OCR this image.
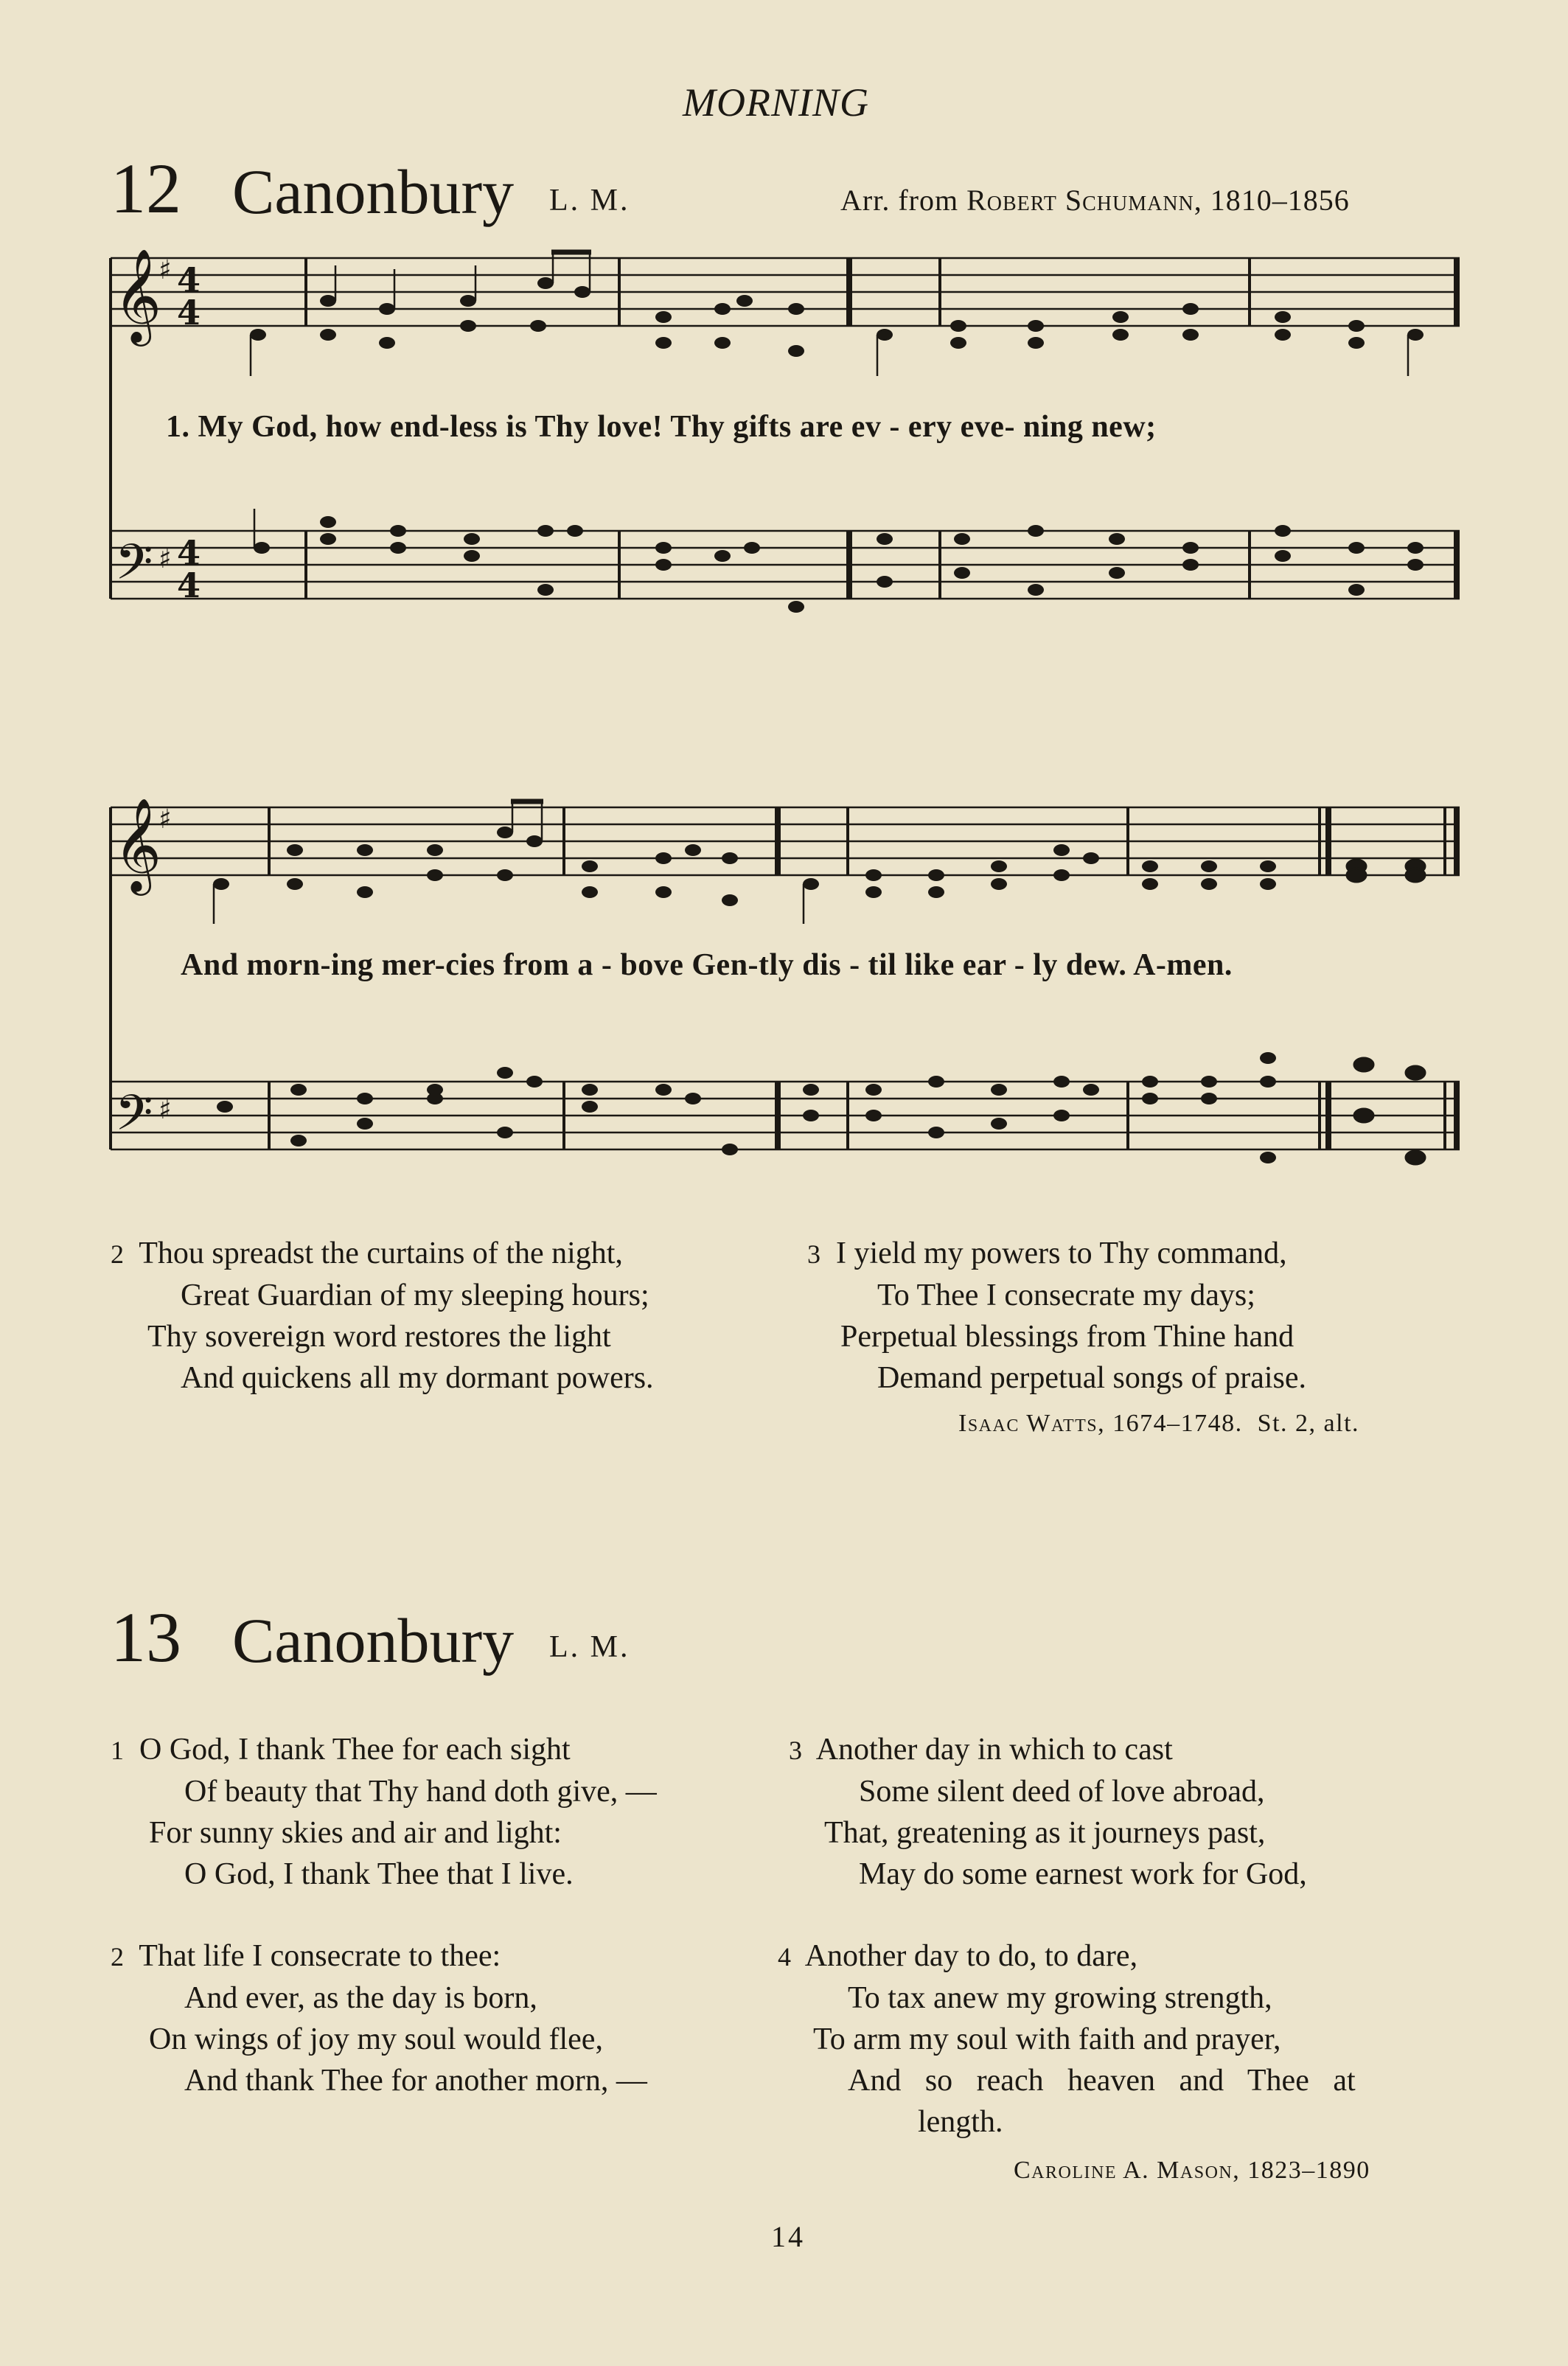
MORNING
12 Canonbury L. M.	Arr. from Robert Schumann, 1810–1856
𝄞
♯ 4
4
𝄢 ♯ 4
4
1. My God, how end-less is Thy love! Thy gifts are ev - ery eve- ning new;
𝄞
♯
𝄢 ♯
And morn-ing mer-cies from a - bove Gen-tly dis - til like ear - ly dew. A-men.
2 Thou spreadst the curtains of the night,
Great Guardian of my sleeping hours;
Thy sovereign word restores the light
And quickens all my dormant powers.
3 I yield my powers to Thy command,
To Thee I consecrate my days;
Perpetual blessings from Thine hand
Demand perpetual songs of praise.
Isaac Watts, 1674–1748. St. 2, alt.
13 Canonbury L. M.
1 O God, I thank Thee for each sight
Of beauty that Thy hand doth give, —
For sunny skies and air and light:
O God, I thank Thee that I live.
2 That life I consecrate to thee:
And ever, as the day is born,
On wings of joy my soul would flee,
And thank Thee for another morn, —
3 Another day in which to cast
Some silent deed of love abroad,
That, greatening as it journeys past,
May do some earnest work for God,
4 Another day to do, to dare,
To tax anew my growing strength,
To arm my soul with faith and prayer,
And so reach heaven and Thee at
length.
Caroline A. Mason, 1823–1890
14
